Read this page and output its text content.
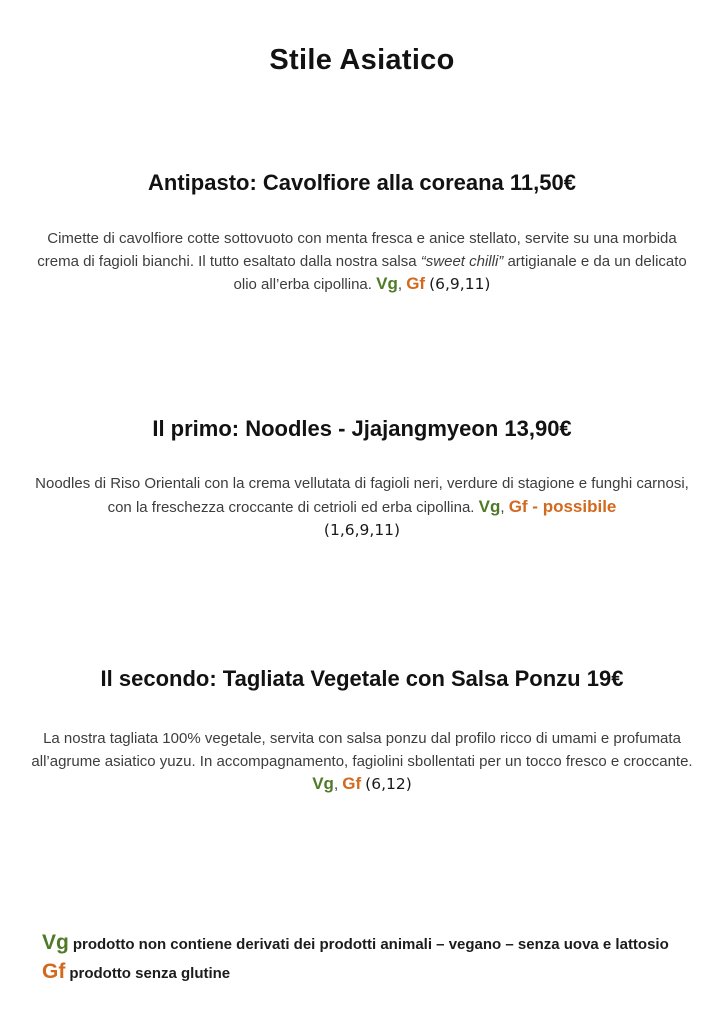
Stile Asiatico
Antipasto: Cavolfiore alla coreana 11,50€
Cimette di cavolfiore cotte sottovuoto con menta fresca e anice stellato, servite su una morbida crema di fagioli bianchi. Il tutto esaltato dalla nostra salsa “sweet chilli” artigianale e da un delicato olio all’erba cipollina. Vg, Gf (6,9,11)
Il primo: Noodles - Jjajangmyeon 13,90€
Noodles di Riso Orientali con la crema vellutata di fagioli neri, verdure di stagione e funghi carnosi, con la freschezza croccante di cetrioli ed erba cipollina. Vg, Gf - possibile
(1,6,9,11)
Il secondo: Tagliata Vegetale con Salsa Ponzu 19€
La nostra tagliata 100% vegetale, servita con salsa ponzu dal profilo ricco di umami e profumata all’agrume asiatico yuzu. In accompagnamento, fagiolini sbollentati per un tocco fresco e croccante. Vg, Gf (6,12)
Vg prodotto non contiene derivati dei prodotti animali – vegano – senza uova e lattosio
Gf prodotto senza glutine
